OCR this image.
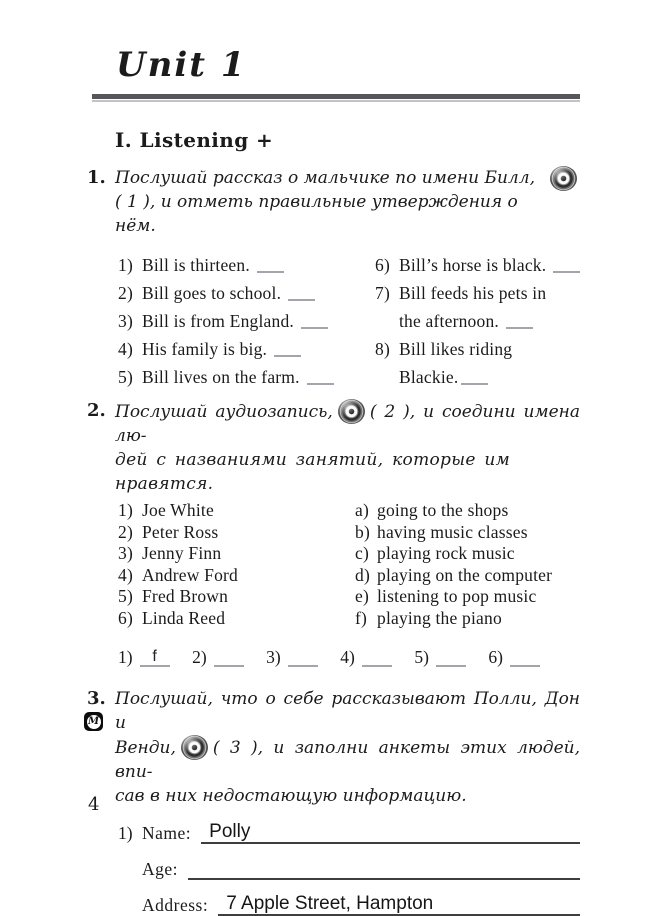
Unit 1
I. Listening +
1. Послушай рассказ о мальчике по имени Билл,
( 1 ), и отметь правильные утверждения о нём.
1) Bill is thirteen.
2) Bill goes to school.
3) Bill is from England.
4) His family is big.
5) Bill lives on the farm.
6) Bill’s horse is black.
7) Bill feeds his pets in
the afternoon.
8) Bill likes riding
Blackie.
2. Послушай аудиозапись, ( 2 ), и соедини имена лю-
дей с названиями занятий, которые им нравятся.
1) Joe White	a) going to the shops
2) Peter Ross	b) having music classes
3) Jenny Finn	c) playing rock music
4) Andrew Ford	d) playing on the computer
5) Fred Brown	e) listening to pop music
6) Linda Reed	f) playing the piano
1)	f	2)	3)	4)	5)	6)
3.
M
Послушай, что о себе рассказывают Полли, Дон и
Венди, ( 3 ), и заполни анкеты этих людей, впи-
сав в них недостающую информацию.
1) Name: Polly
Age:
Address: 7 Apple Street, Hampton
4
